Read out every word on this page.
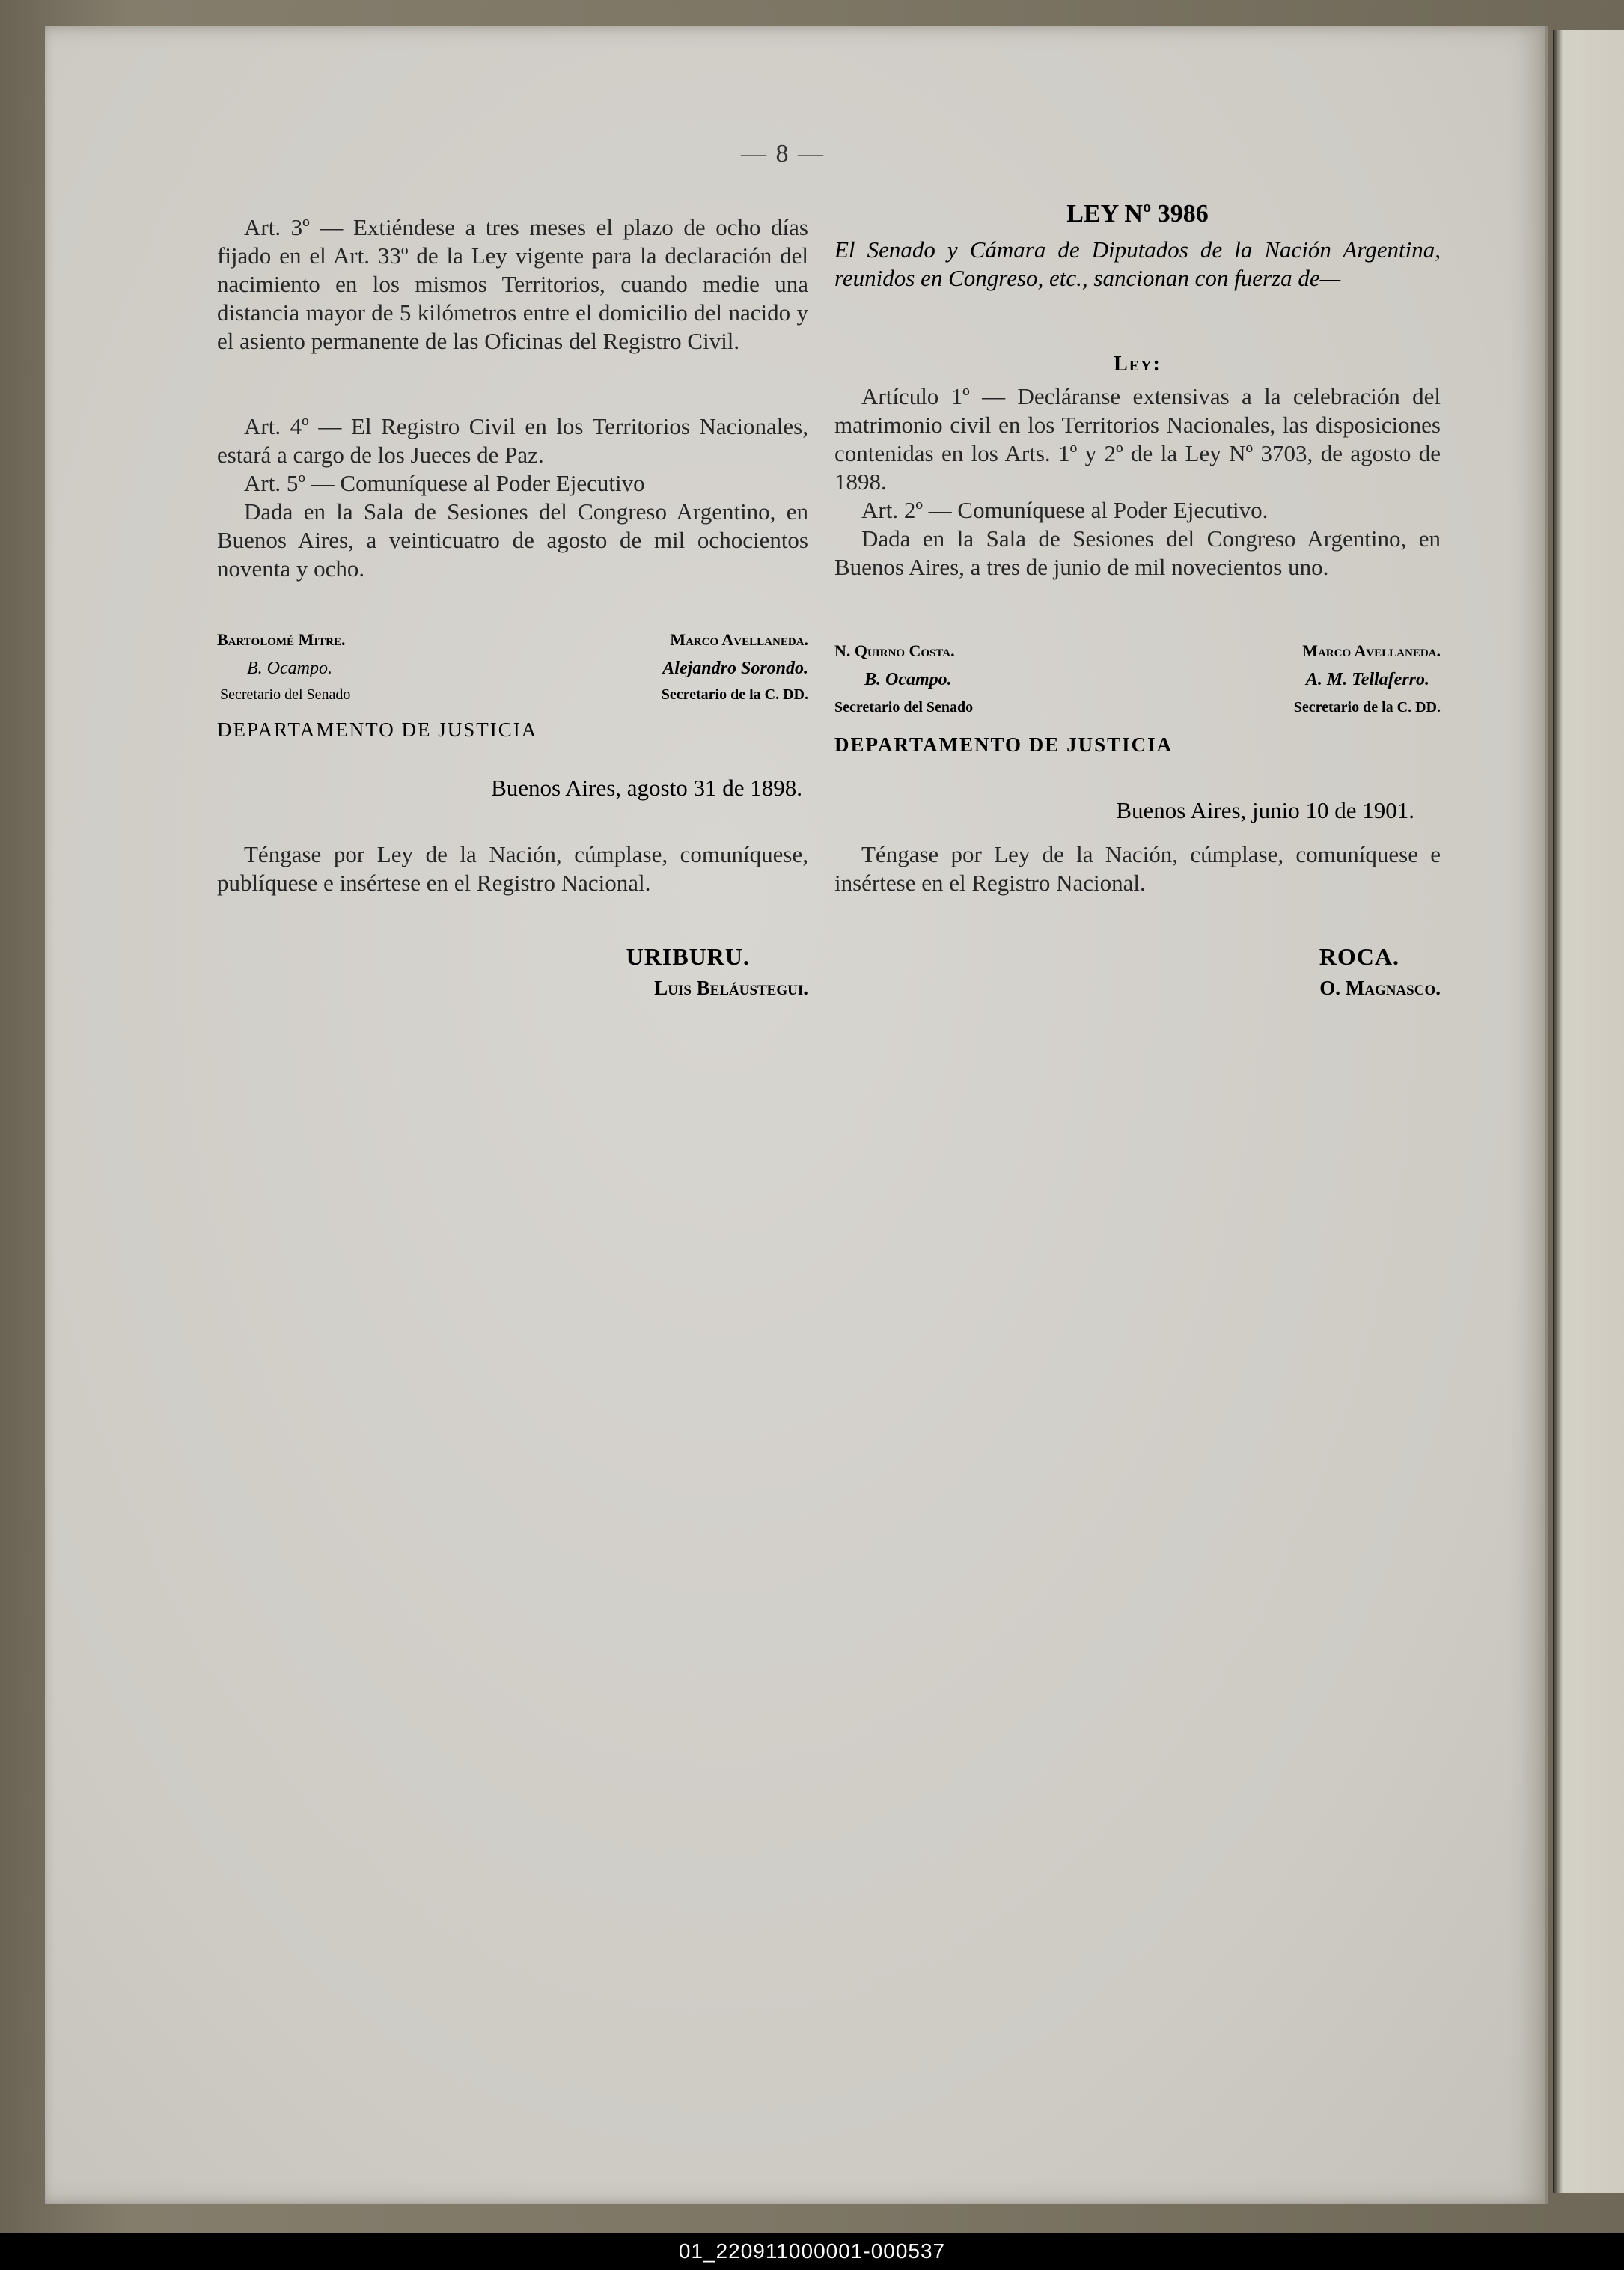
— 8 —
Art. 3º — Extiéndese a tres meses el plazo de ocho días fijado en el Art. 33º de la Ley vigente para la declaración del nacimiento en los mismos Territorios, cuando medie una distancia mayor de 5 kilómetros entre el domicilio del nacido y el asiento permanente de las Oficinas del Registro Civil.
Art. 4º — El Registro Civil en los Territorios Nacionales, estará a cargo de los Jueces de Paz.
Art. 5º — Comuníquese al Poder Ejecutivo
Dada en la Sala de Sesiones del Congreso Argentino, en Buenos Aires, a veinticuatro de agosto de mil ochocientos noventa y ocho.
Bartolomé Mitre.
B. Ocampo.
Secretario del Senado
Marco Avellaneda.
Alejandro Sorondo.
Secretario de la C. DD.
DEPARTAMENTO DE JUSTICIA
Buenos Aires, agosto 31 de 1898.
Téngase por Ley de la Nación, cúmplase, comuníquese, publíquese e insértese en el Registro Nacional.
URIBURU.
Luis Beláustegui.
LEY Nº 3986
El Senado y Cámara de Diputados de la Nación Argentina, reunidos en Congreso, etc., sancionan con fuerza de—
Ley:
Artículo 1º — Decláranse extensivas a la celebración del matrimonio civil en los Territorios Nacionales, las disposiciones contenidas en los Arts. 1º y 2º de la Ley Nº 3703, de agosto de 1898.
Art. 2º — Comuníquese al Poder Ejecutivo.
Dada en la Sala de Sesiones del Congreso Argentino, en Buenos Aires, a tres de junio de mil novecientos uno.
N. Quirno Costa.
B. Ocampo.
Secretario del Senado
Marco Avellaneda.
A. M. Tellaferro.
Secretario de la C. DD.
DEPARTAMENTO DE JUSTICIA
Buenos Aires, junio 10 de 1901.
Téngase por Ley de la Nación, cúmplase, comuníquese e insértese en el Registro Nacional.
ROCA.
O. Magnasco.
01_220911000001-000537
